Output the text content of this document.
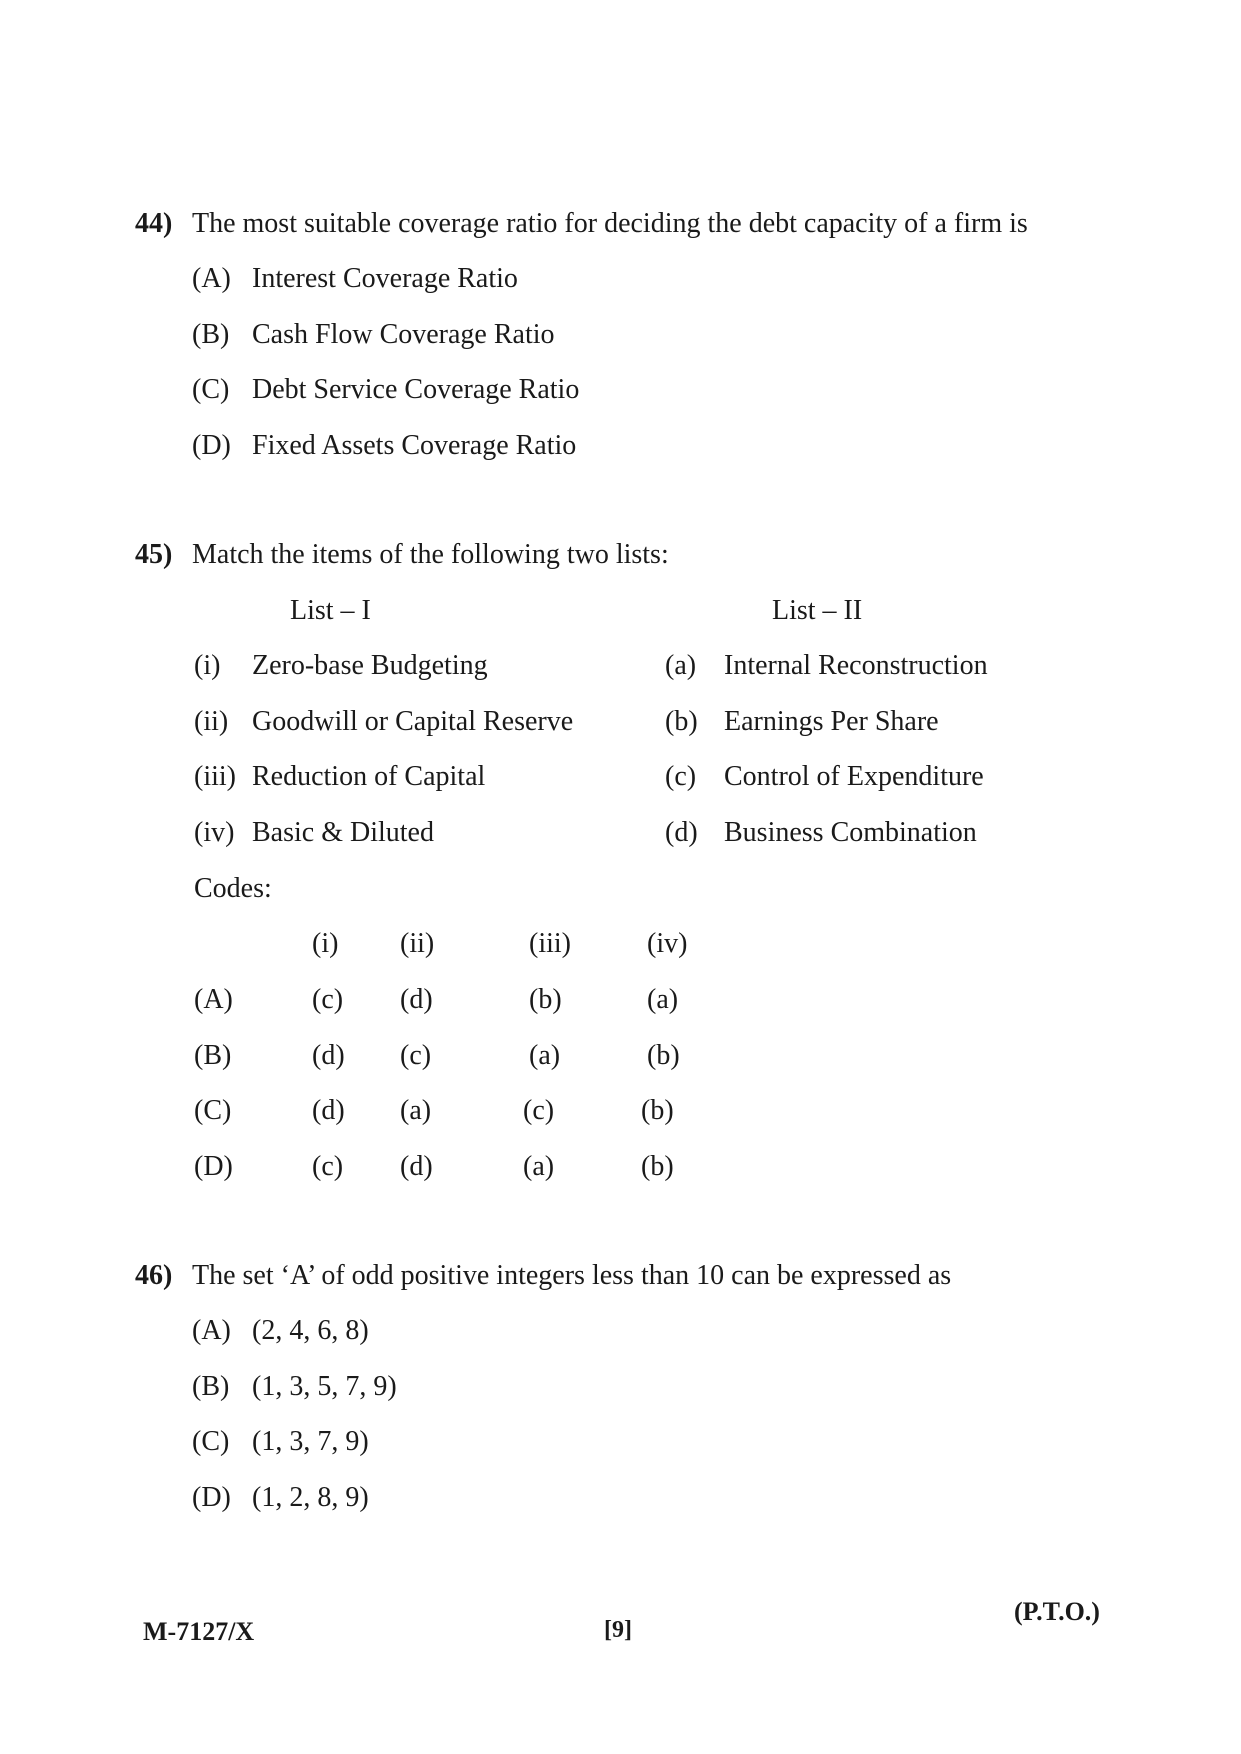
44) The most suitable coverage ratio for deciding the debt capacity of a firm is
(A) Interest Coverage Ratio
(B) Cash Flow Coverage Ratio
(C) Debt Service Coverage Ratio
(D) Fixed Assets Coverage Ratio
45) Match the items of the following two lists:
List – I	List – II
(i) Zero-base Budgeting	(a) Internal Reconstruction
(ii) Goodwill or Capital Reserve	(b) Earnings Per Share
(iii) Reduction of Capital	(c) Control of Expenditure
(iv) Basic & Diluted	(d) Business Combination
Codes:
(i) (ii)	(iii)	(iv)
(A)	(c) (d)	(b)	(a)
(B)	(d) (c)	(a)	(b)
(C)	(d) (a)	(c)	(b)
(D)	(c) (d)	(a)	(b)
46) The set ‘A’ of odd positive integers less than 10 can be expressed as
(A) (2, 4, 6, 8)
(B) (1, 3, 5, 7, 9)
(C) (1, 3, 7, 9)
(D) (1, 2, 8, 9)
M-7127/X	[9]
(P.T.O.)
